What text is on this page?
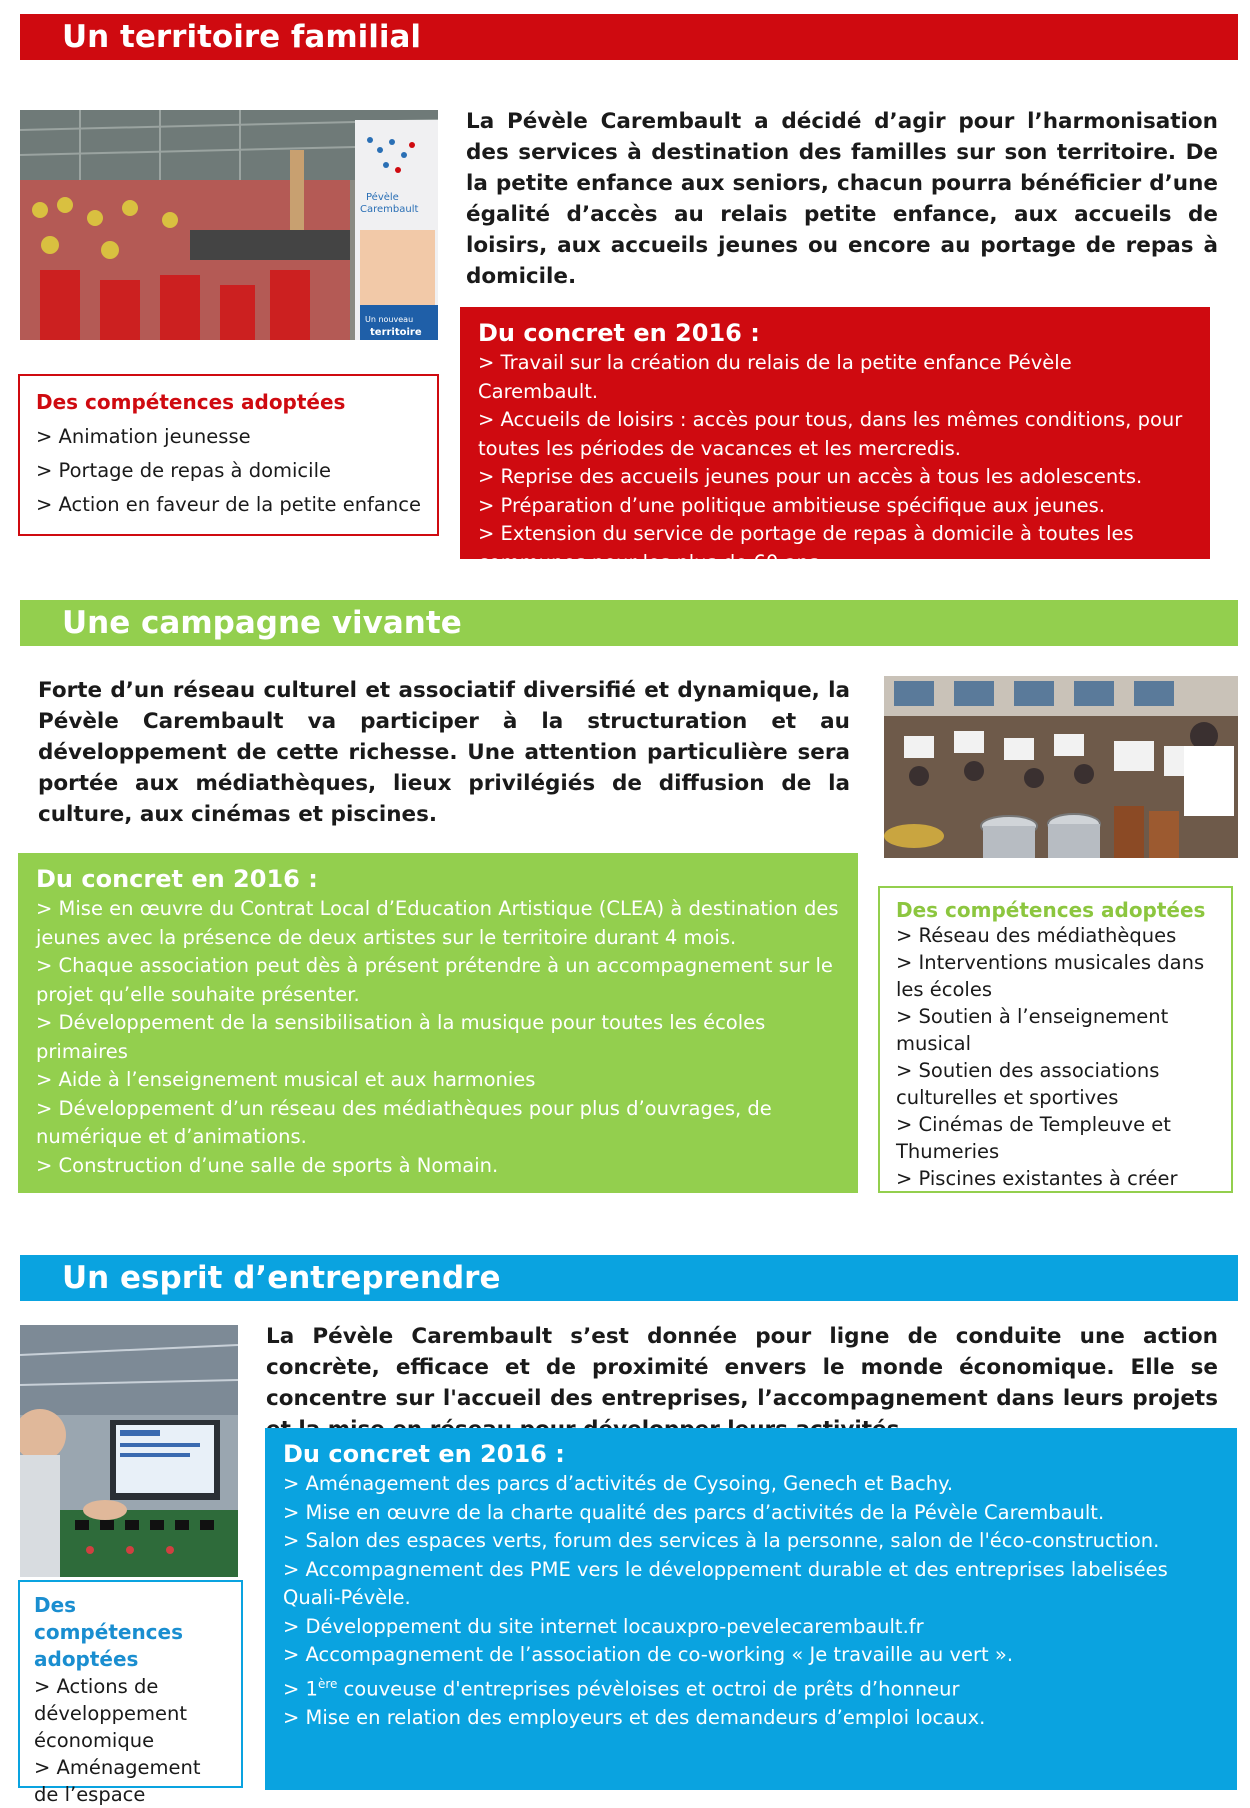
Un territoire familial
Pévèle
Carembault
Un nouveau
territoire
La Pévèle Carembault a décidé d’agir pour l’harmonisation des services à destination des familles sur son territoire. De la petite enfance aux seniors, chacun pourra bénéficier d’une égalité d’accès au relais petite enfance, aux accueils de loisirs, aux accueils jeunes ou encore au portage de repas à domicile.
Des compétences adoptées
> Animation jeunesse
> Portage de repas à domicile
> Action en faveur de la petite enfance
Du concret en 2016 :
> Travail sur la création du relais de la petite enfance Pévèle Carembault.
> Accueils de loisirs : accès pour tous, dans les mêmes conditions, pour toutes les périodes de vacances et les mercredis.
> Reprise des accueils jeunes pour un accès à tous les adolescents.
> Préparation d’une politique ambitieuse spécifique aux jeunes.
> Extension du service de portage de repas à domicile à toutes les communes pour les plus de 60 ans.
Une campagne vivante
Forte d’un réseau culturel et associatif diversifié et dynamique, la Pévèle Carembault va participer à la structuration et au développement de cette richesse. Une attention particulière sera portée aux médiathèques, lieux privilégiés de diffusion de la culture, aux cinémas et piscines.
Du concret en 2016 :
> Mise en œuvre du Contrat Local d’Education Artistique (CLEA) à destination des jeunes avec la présence de deux artistes sur le territoire durant 4 mois.
> Chaque association peut dès à présent prétendre à un accompagnement sur le projet qu’elle souhaite présenter.
> Développement de la sensibilisation à la musique pour toutes les écoles primaires
> Aide à l’enseignement musical et aux harmonies
> Développement d’un réseau des médiathèques pour plus d’ouvrages, de numérique et d’animations.
> Construction d’une salle de sports à Nomain.
Des compétences adoptées
> Réseau des médiathèques
> Interventions musicales dans les écoles
> Soutien à l’enseignement musical
> Soutien des associations culturelles et sportives
> Cinémas de Templeuve et Thumeries
> Piscines existantes à créer
Un esprit d’entreprendre
La Pévèle Carembault s’est donnée pour ligne de conduite une action concrète, efficace et de proximité envers le monde économique. Elle se concentre sur l'accueil des entreprises, l’accompagnement dans leurs projets
Des compétences adoptées
> Actions de développement économique
> Aménagement de l’espace
Du concret en 2016 :
> Aménagement des parcs d’activités de Cysoing, Genech et Bachy.
> Mise en œuvre de la charte qualité des parcs d’activités de la Pévèle Carembault.
> Salon des espaces verts, forum des services à la personne, salon de l'éco-construction.
> Accompagnement des PME vers le développement durable et des entreprises labelisées Quali-Pévèle.
> Développement du site internet locauxpro-pevelecarembault.fr
> Accompagnement de l’association de co-working « Je travaille au vert ».
> 1ère couveuse d'entreprises pévèloises et octroi de prêts d’honneur
> Mise en relation des employeurs et des demandeurs d’emploi locaux.
